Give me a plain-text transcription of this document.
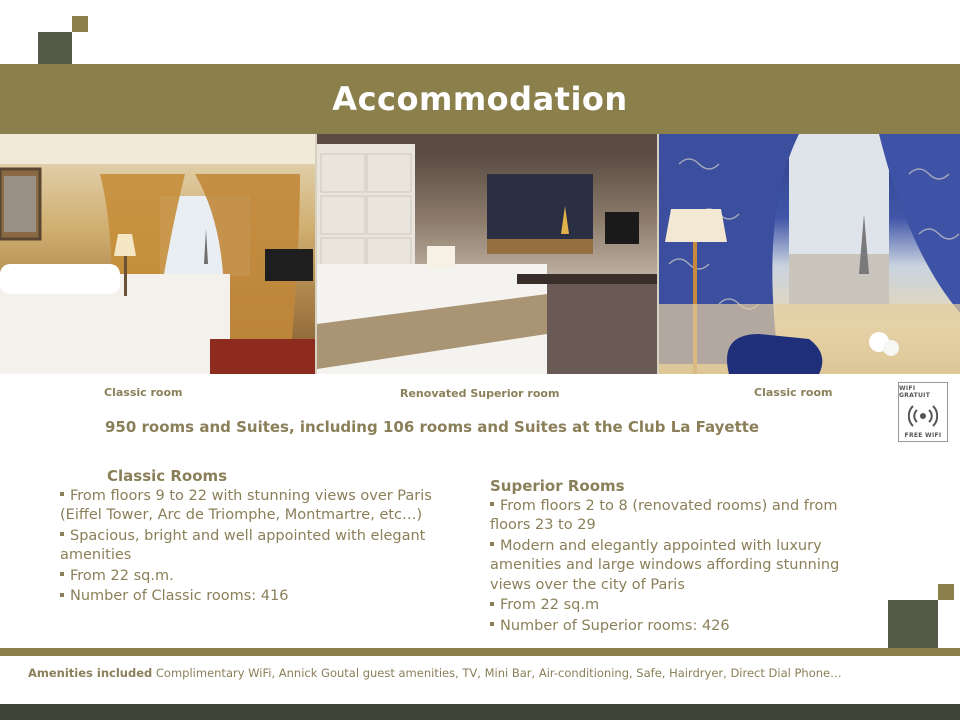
Accommodation
Classic room	Renovated Superior room	Classic room	WIFI GRATUIT
FREE WIFI
950 rooms and Suites, including 106 rooms and Suites at the Club La Fayette
Classic Rooms
From floors 9 to 22 with stunning views over Paris (Eiffel Tower, Arc de Triomphe, Montmartre, etc…)
Spacious, bright and well appointed with elegant amenities
From 22 sq.m.
Number of Classic rooms: 416
Superior Rooms
From floors 2 to 8 (renovated rooms) and from floors 23 to 29
Modern and elegantly appointed with luxury amenities and large windows affording stunning views over the city of Paris
From 22 sq.m
Number of Superior rooms: 426
Amenities included Complimentary WiFi, Annick Goutal guest amenities, TV, Mini Bar, Air-conditioning, Safe, Hairdryer, Direct Dial Phone…
